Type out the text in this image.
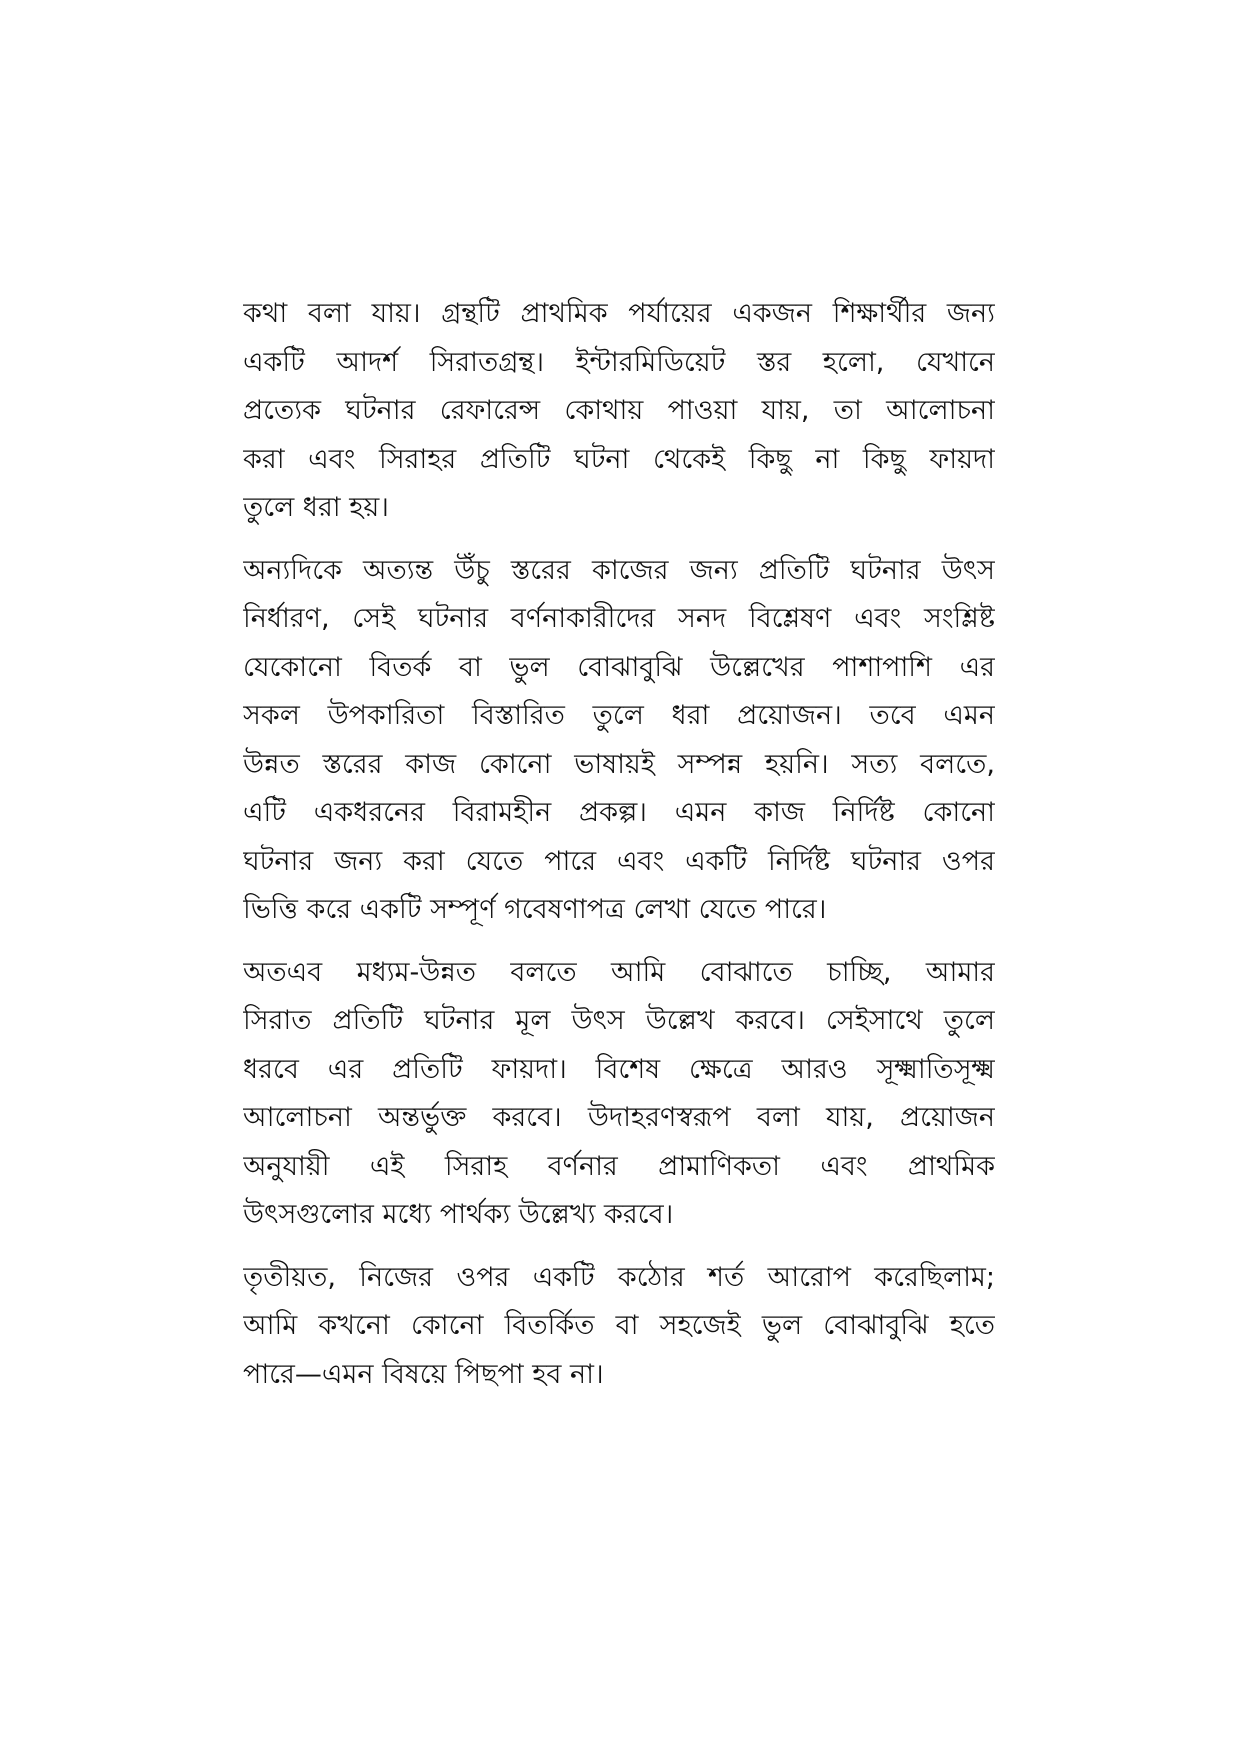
কথা বলা যায়। গ্রন্থটি প্রাথমিক পর্যায়ের একজন শিক্ষার্থীর জন্য
একটি আদর্শ সিরাতগ্রন্থ। ইন্টারমিডিয়েট স্তর হলো, যেখানে
প্রত্যেক ঘটনার রেফারেন্স কোথায় পাওয়া যায়, তা আলোচনা
করা এবং সিরাহর প্রতিটি ঘটনা থেকেই কিছু না কিছু ফায়দা
তুলে ধরা হয়।

অন্যদিকে অত্যন্ত উঁচু স্তরের কাজের জন্য প্রতিটি ঘটনার উৎস
নির্ধারণ, সেই ঘটনার বর্ণনাকারীদের সনদ বিশ্লেষণ এবং সংশ্লিষ্ট
যেকোনো বিতর্ক বা ভুল বোঝাবুঝি উল্লেখের পাশাপাশি এর
সকল উপকারিতা বিস্তারিত তুলে ধরা প্রয়োজন। তবে এমন
উন্নত স্তরের কাজ কোনো ভাষায়ই সম্পন্ন হয়নি। সত্য বলতে,
এটি একধরনের বিরামহীন প্রকল্প। এমন কাজ নির্দিষ্ট কোনো
ঘটনার জন্য করা যেতে পারে এবং একটি নির্দিষ্ট ঘটনার ওপর
ভিত্তি করে একটি সম্পূর্ণ গবেষণাপত্র লেখা যেতে পারে।

অতএব মধ্যম-উন্নত বলতে আমি বোঝাতে চাচ্ছি, আমার
সিরাত প্রতিটি ঘটনার মূল উৎস উল্লেখ করবে। সেইসাথে তুলে
ধরবে এর প্রতিটি ফায়দা। বিশেষ ক্ষেত্রে আরও সূক্ষ্মাতিসূক্ষ্ম
আলোচনা অন্তর্ভুক্ত করবে। উদাহরণস্বরূপ বলা যায়, প্রয়োজন
অনুযায়ী এই সিরাহ বর্ণনার প্রামাণিকতা এবং প্রাথমিক
উৎসগুলোর মধ্যে পার্থক্য উল্লেখ্য করবে।

তৃতীয়ত, নিজের ওপর একটি কঠোর শর্ত আরোপ করেছিলাম;
আমি কখনো কোনো বিতর্কিত বা সহজেই ভুল বোঝাবুঝি হতে
পারে—এমন বিষয়ে পিছপা হব না।
